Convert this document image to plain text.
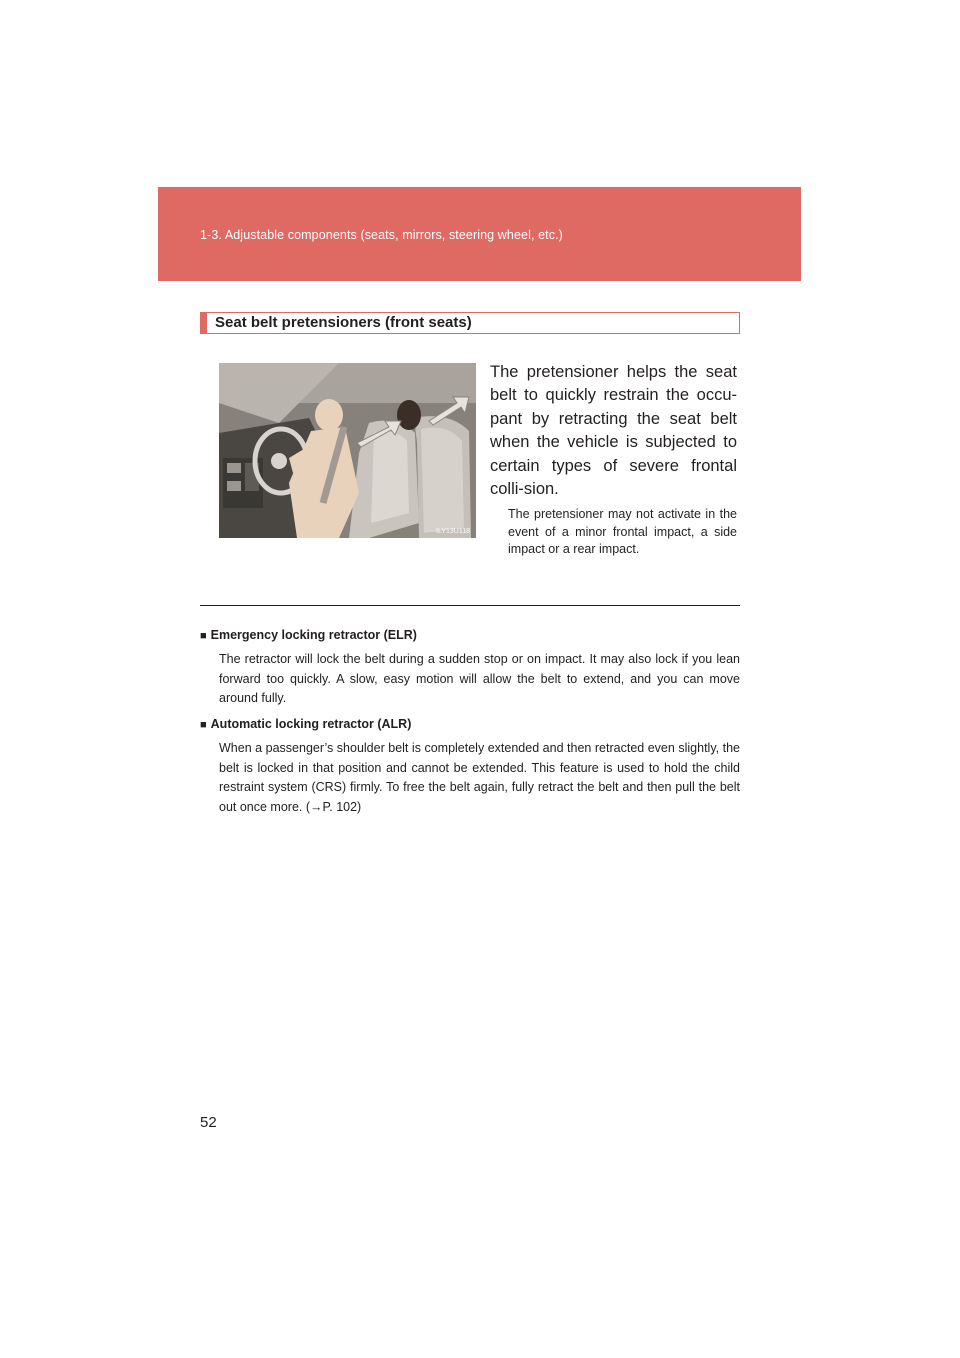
1-3. Adjustable components (seats, mirrors, steering wheel, etc.)
Seat belt pretensioners (front seats)
ILY13U118

The pretensioner helps the seat belt to quickly restrain the occu-pant by retracting the seat belt when the vehicle is subjected to certain types of severe frontal colli-sion.

The pretensioner may not activate in the event of a minor frontal impact, a side impact or a rear impact.

■ Emergency locking retractor (ELR)

The retractor will lock the belt during a sudden stop or on impact. It may also lock if you lean forward too quickly. A slow, easy motion will allow the belt to extend, and you can move around fully.

■ Automatic locking retractor (ALR)

When a passenger’s shoulder belt is completely extended and then retracted even slightly, the belt is locked in that position and cannot be extended. This feature is used to hold the child restraint system (CRS) firmly. To free the belt again, fully retract the belt and then pull the belt out once more. (→P. 102)

52
